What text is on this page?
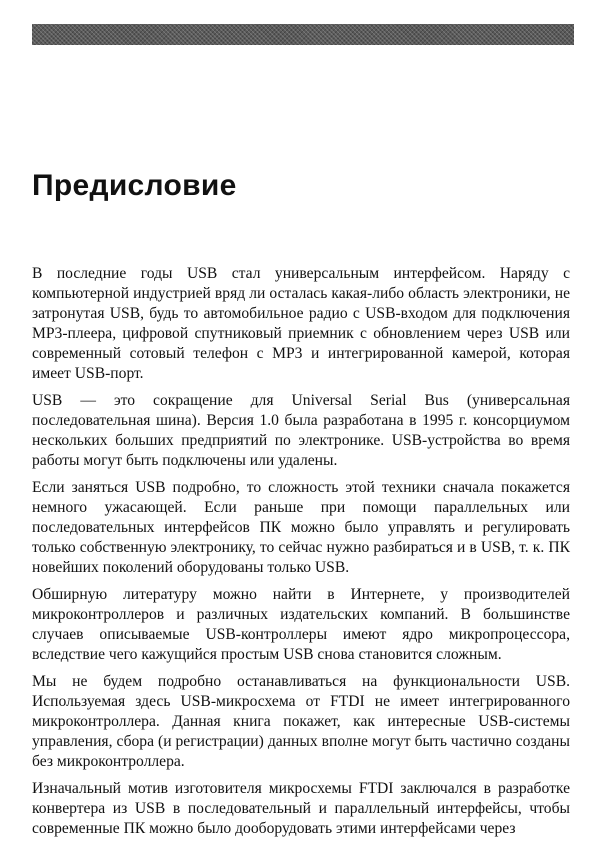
Предисловие

В последние годы USB стал универсальным интерфейсом. Наряду с компьютерной индустрией вряд ли осталась какая-либо область электроники, не затронутая USB, будь то автомобильное радио с USB-входом для подключения MP3-плеера, цифровой спутниковый приемник с обновлением через USB или современный сотовый телефон с MP3 и интегрированной камерой, которая имеет USB-порт.

USB — это сокращение для Universal Serial Bus (универсальная последовательная шина). Версия 1.0 была разработана в 1995 г. консорциумом нескольких больших предприятий по электронике. USB-устройства во время работы могут быть подключены или удалены.

Если заняться USB подробно, то сложность этой техники сначала покажется немного ужасающей. Если раньше при помощи параллельных или последовательных интерфейсов ПК можно было управлять и регулировать только собственную электронику, то сейчас нужно разбираться и в USB, т. к. ПК новейших поколений оборудованы только USB.

Обширную литературу можно найти в Интернете, у производителей микроконтроллеров и различных издательских компаний. В большинстве случаев описываемые USB-контроллеры имеют ядро микропроцессора, вследствие чего кажущийся простым USB снова становится сложным.

Мы не будем подробно останавливаться на функциональности USB. Используемая здесь USB-микросхема от FTDI не имеет интегрированного микроконтроллера. Данная книга покажет, как интересные USB-системы управления, сбора (и регистрации) данных вполне могут быть частично созданы без микроконтроллера.

Изначальный мотив изготовителя микросхемы FTDI заключался в разработке конвертера из USB в последовательный и параллельный интерфейсы, чтобы современные ПК можно было дооборудовать этими интерфейсами через
